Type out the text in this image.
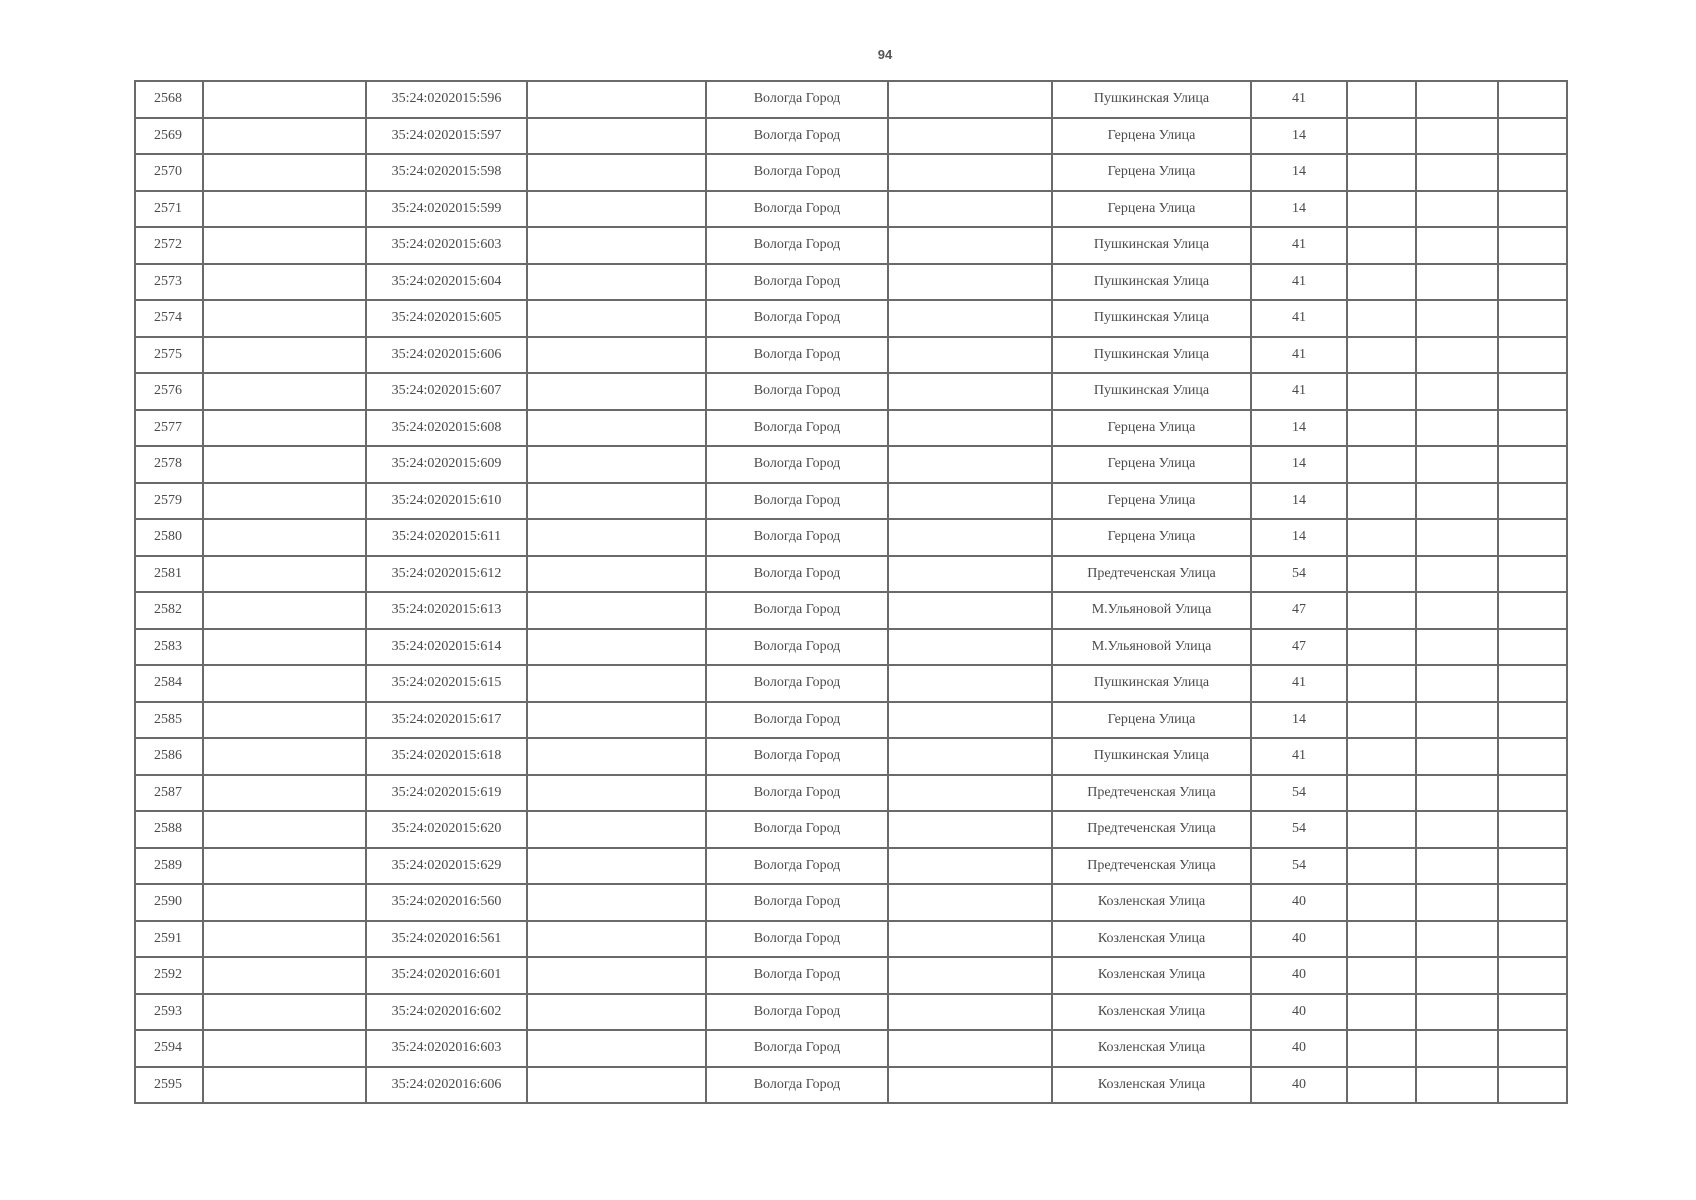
94
2568		35:24:0202015:596		Вологда Город		Пушкинская Улица	41			
2569		35:24:0202015:597		Вологда Город		Герцена Улица	14			
2570		35:24:0202015:598		Вологда Город		Герцена Улица	14			
2571		35:24:0202015:599		Вологда Город		Герцена Улица	14			
2572		35:24:0202015:603		Вологда Город		Пушкинская Улица	41			
2573		35:24:0202015:604		Вологда Город		Пушкинская Улица	41			
2574		35:24:0202015:605		Вологда Город		Пушкинская Улица	41			
2575		35:24:0202015:606		Вологда Город		Пушкинская Улица	41			
2576		35:24:0202015:607		Вологда Город		Пушкинская Улица	41			
2577		35:24:0202015:608		Вологда Город		Герцена Улица	14			
2578		35:24:0202015:609		Вологда Город		Герцена Улица	14			
2579		35:24:0202015:610		Вологда Город		Герцена Улица	14			
2580		35:24:0202015:611		Вологда Город		Герцена Улица	14			
2581		35:24:0202015:612		Вологда Город		Предтеченская Улица	54			
2582		35:24:0202015:613		Вологда Город		М.Ульяновой Улица	47			
2583		35:24:0202015:614		Вологда Город		М.Ульяновой Улица	47			
2584		35:24:0202015:615		Вологда Город		Пушкинская Улица	41			
2585		35:24:0202015:617		Вологда Город		Герцена Улица	14			
2586		35:24:0202015:618		Вологда Город		Пушкинская Улица	41			
2587		35:24:0202015:619		Вологда Город		Предтеченская Улица	54			
2588		35:24:0202015:620		Вологда Город		Предтеченская Улица	54			
2589		35:24:0202015:629		Вологда Город		Предтеченская Улица	54			
2590		35:24:0202016:560		Вологда Город		Козленская Улица	40			
2591		35:24:0202016:561		Вологда Город		Козленская Улица	40			
2592		35:24:0202016:601		Вологда Город		Козленская Улица	40			
2593		35:24:0202016:602		Вологда Город		Козленская Улица	40			
2594		35:24:0202016:603		Вологда Город		Козленская Улица	40			
2595		35:24:0202016:606		Вологда Город		Козленская Улица	40			
